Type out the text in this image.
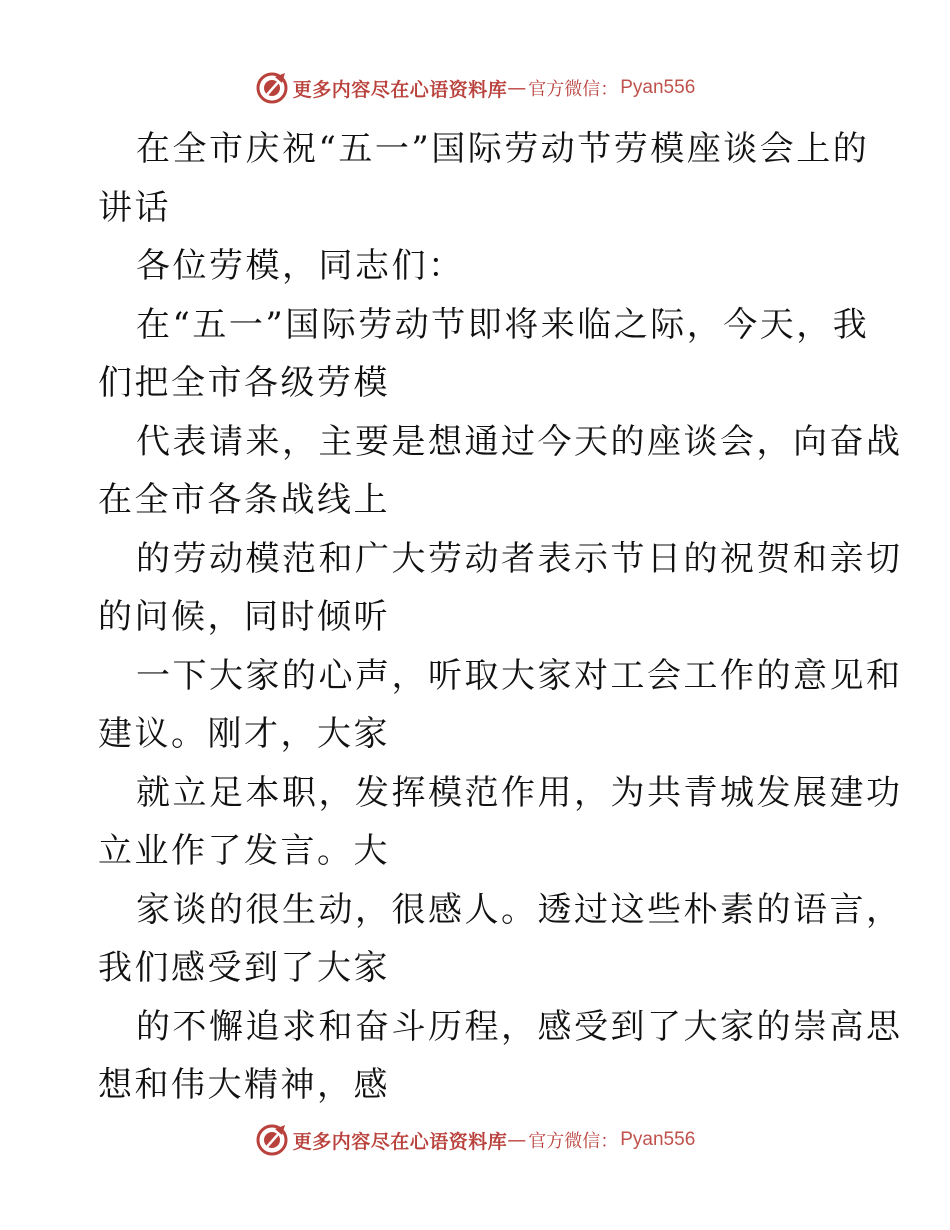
更多内容尽在心语资料库 — 官方微信： Pyan556
在全市庆祝“五一”国际劳动节劳模座谈会上的
讲话
各位劳模，同志们：
在“五一”国际劳动节即将来临之际，今天，我
们把全市各级劳模
代表请来，主要是想通过今天的座谈会，向奋战
在全市各条战线上
的劳动模范和广大劳动者表示节日的祝贺和亲切
的问候，同时倾听
一下大家的心声，听取大家对工会工作的意见和
建议。刚才，大家
就立足本职，发挥模范作用，为共青城发展建功
立业作了发言。大
家谈的很生动，很感人。透过这些朴素的语言，
我们感受到了大家
的不懈追求和奋斗历程，感受到了大家的崇高思
想和伟大精神，感
更多内容尽在心语资料库 — 官方微信： Pyan556
